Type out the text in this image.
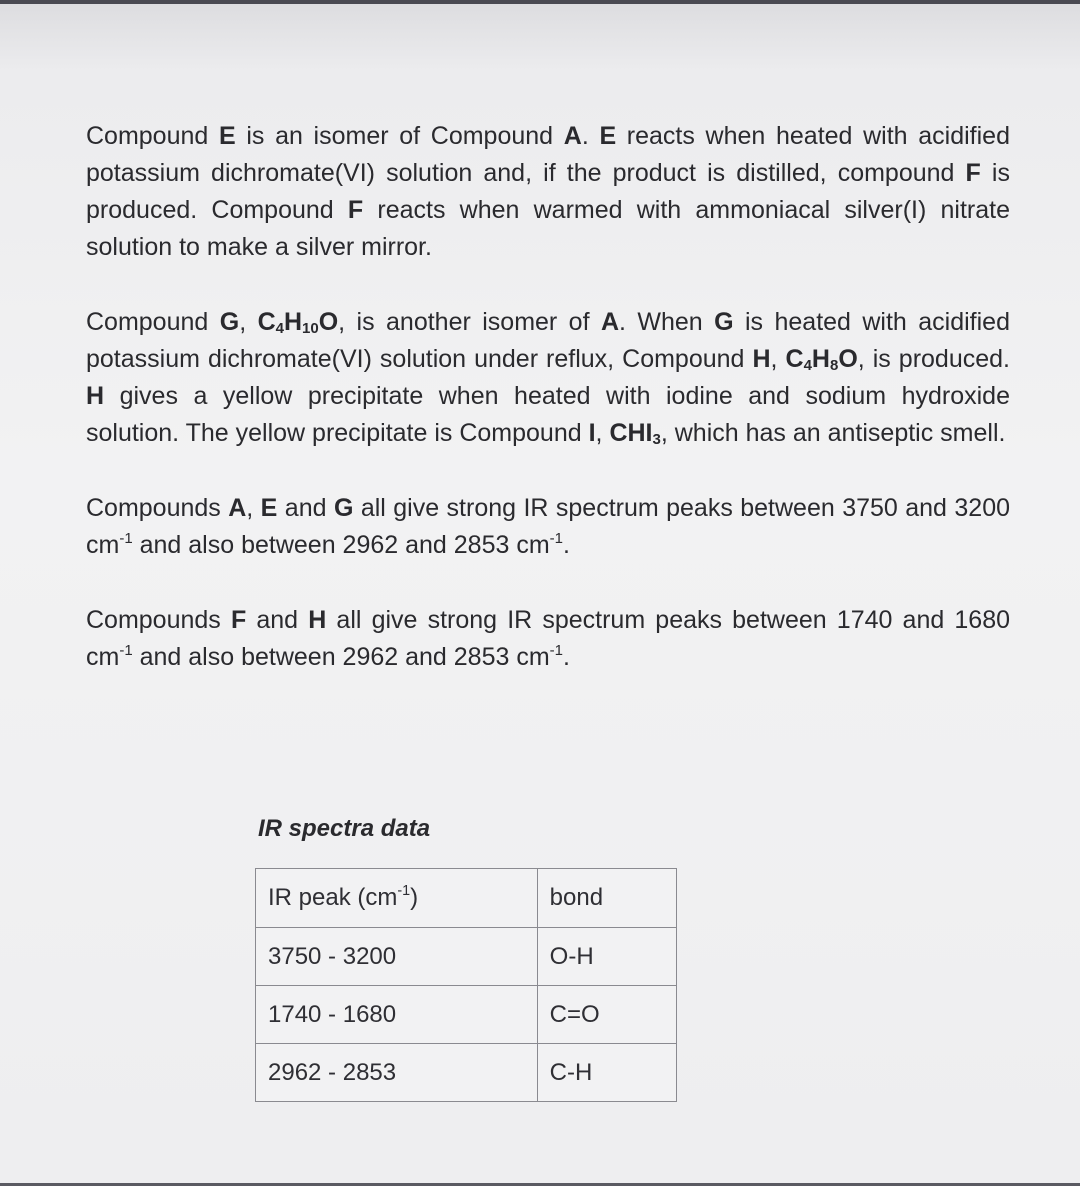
Compound E is an isomer of Compound A. E reacts when heated with acidified potassium dichromate(VI) solution and, if the product is distilled, compound F is produced. Compound F reacts when warmed with ammoniacal silver(I) nitrate solution to make a silver mirror.

Compound G, $C_4H_{10}O$, is another isomer of A. When G is heated with acidified potassium dichromate(VI) solution under reflux, Compound H, $C_4H_8O$, is produced. H gives a yellow precipitate when heated with iodine and sodium hydroxide solution. The yellow precipitate is Compound I, $CHI_3$, which has an antiseptic smell.

Compounds A, E and G all give strong IR spectrum peaks between 3750 and 3200 $cm^{-1}$ and also between 2962 and 2853 $cm^{-1}$.

Compounds F and H all give strong IR spectrum peaks between 1740 and 1680 $cm^{-1}$ and also between 2962 and 2853 $cm^{-1}$.

IR spectra data
IR peak $(cm^{-1})$	bond
3750 - 3200	O-H
1740 - 1680	C=O
2962 - 2853	C-H
